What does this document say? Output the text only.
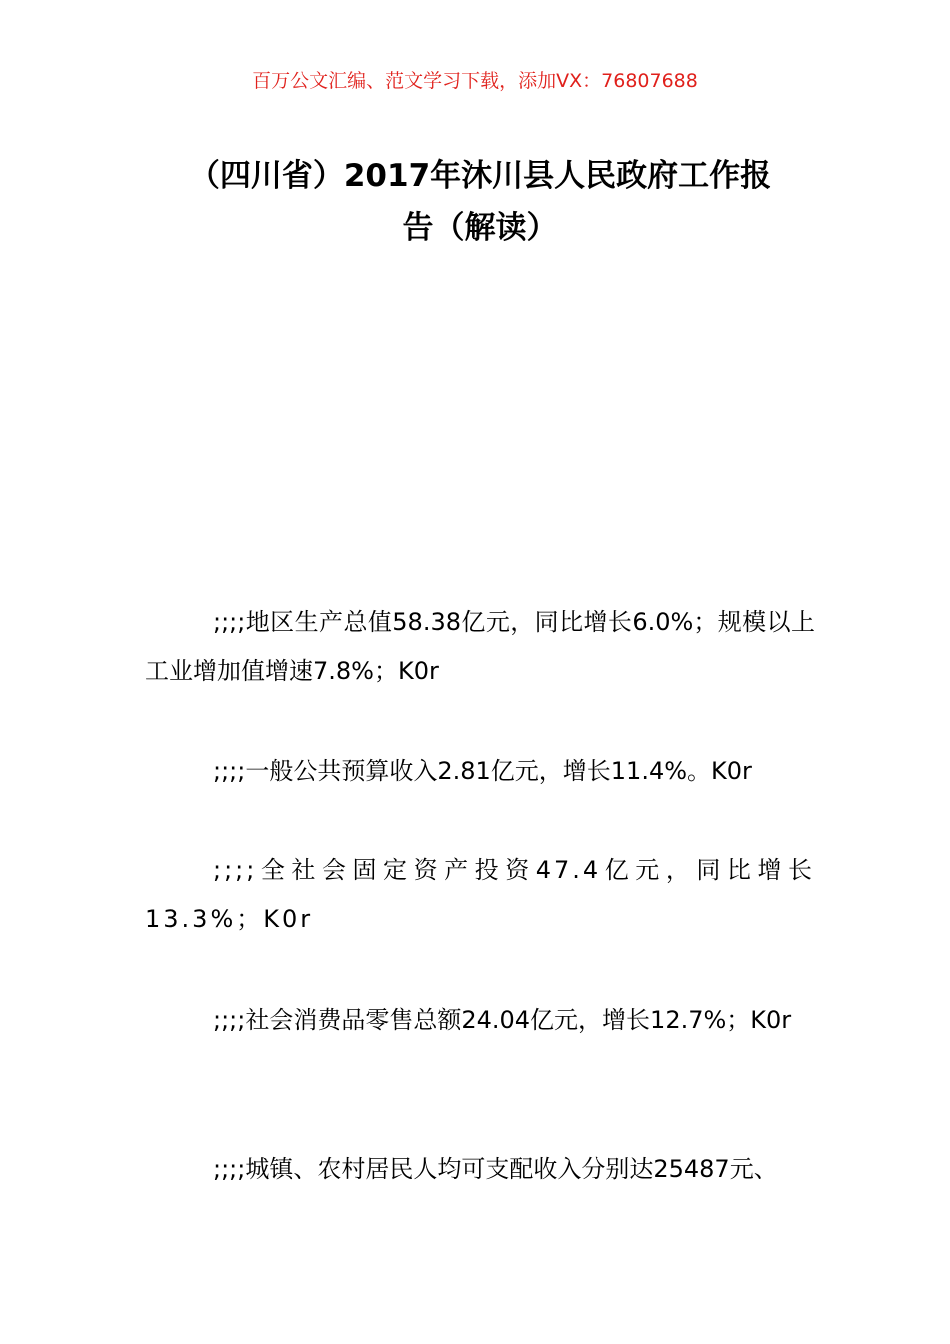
百万公文汇编、范文学习下载，添加VX：76807688
（四川省）2017年沐川县人民政府工作报
告（解读）

;;;;地区生产总值58.38亿元，同比增长6.0%；规模以上工业增加值增速7.8%；K0r

;;;;一般公共预算收入2.81亿元，增长11.4%。K0r

;;;;全社会固定资产投资47.4亿元，同比增长13.3%；K0r

;;;;社会消费品零售总额24.04亿元，增长12.7%；K0r

;;;;城镇、农村居民人均可支配收入分别达25487元、
